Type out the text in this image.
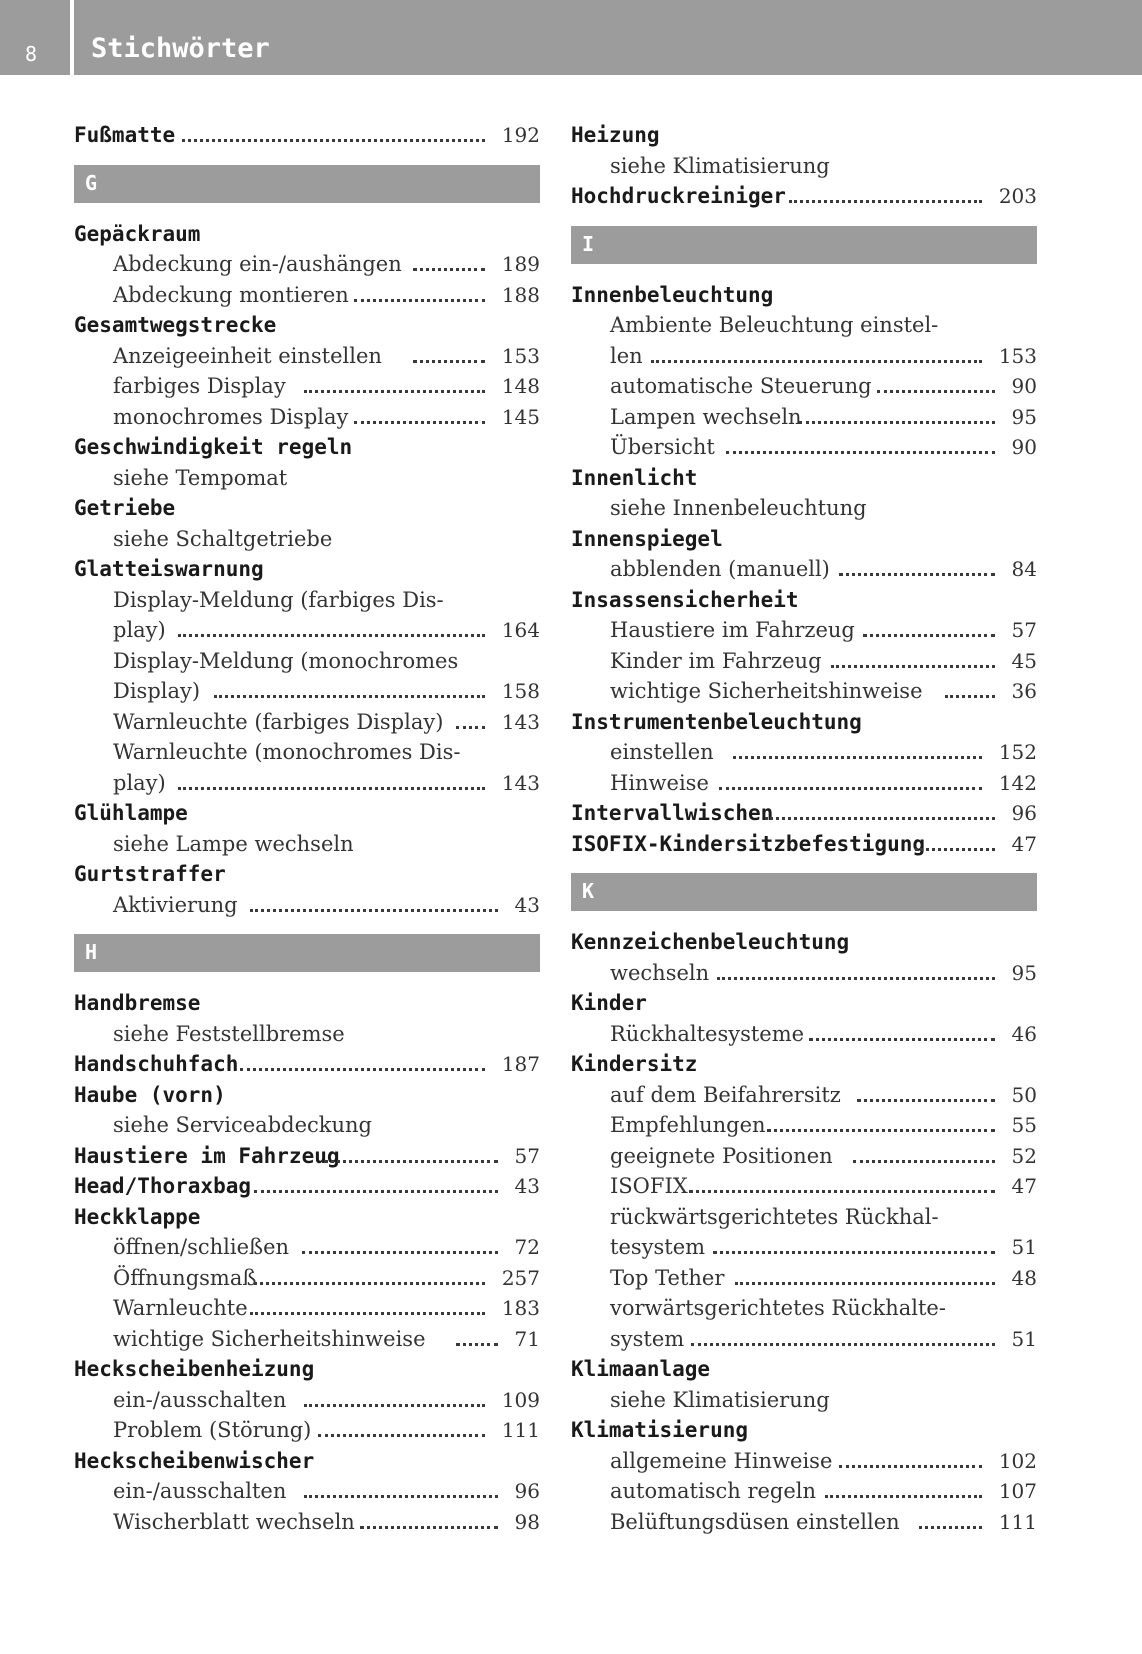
8 Stichwörter
Fußmatte	192
G
Gepäckraum
Abdeckung ein-/aushängen	189
Abdeckung montieren	188
Gesamtwegstrecke
Anzeigeeinheit einstellen	153
farbiges Display	148
monochromes Display	145
Geschwindigkeit regeln
siehe Tempomat
Getriebe
siehe Schaltgetriebe
Glatteiswarnung
Display-Meldung (farbiges Dis-
play)	164
Display-Meldung (monochromes
Display)	158
Warnleuchte (farbiges Display)	143
Warnleuchte (monochromes Dis-
play)	143
Glühlampe
siehe Lampe wechseln
Gurtstraffer
Aktivierung	43
H
Handbremse
siehe Feststellbremse
Handschuhfach	187
Haube (vorn)
siehe Serviceabdeckung
Haustiere im Fahrzeug	57
Head/Thoraxbag	43
Heckklappe
öffnen/schließen	72
Öffnungsmaß	257
Warnleuchte	183
wichtige Sicherheitshinweise	71
Heckscheibenheizung
ein-/ausschalten	109
Problem (Störung)	111
Heckscheibenwischer
ein-/ausschalten	96
Wischerblatt wechseln	98
Heizung
siehe Klimatisierung
Hochdruckreiniger	203
I
Innenbeleuchtung
Ambiente Beleuchtung einstel-
len	153
automatische Steuerung	90
Lampen wechseln	95
Übersicht	90
Innenlicht
siehe Innenbeleuchtung
Innenspiegel
abblenden (manuell)	84
Insassensicherheit
Haustiere im Fahrzeug	57
Kinder im Fahrzeug	45
wichtige Sicherheitshinweise	36
Instrumentenbeleuchtung
einstellen	152
Hinweise	142
Intervallwischen	96
ISOFIX-Kindersitzbefestigung	47
K
Kennzeichenbeleuchtung
wechseln	95
Kinder
Rückhaltesysteme	46
Kindersitz
auf dem Beifahrersitz	50
Empfehlungen	55
geeignete Positionen	52
ISOFIX	47
rückwärtsgerichtetes Rückhal-
tesystem	51
Top Tether	48
vorwärtsgerichtetes Rückhalte-
system	51
Klimaanlage
siehe Klimatisierung
Klimatisierung
allgemeine Hinweise	102
automatisch regeln	107
Belüftungsdüsen einstellen	111
